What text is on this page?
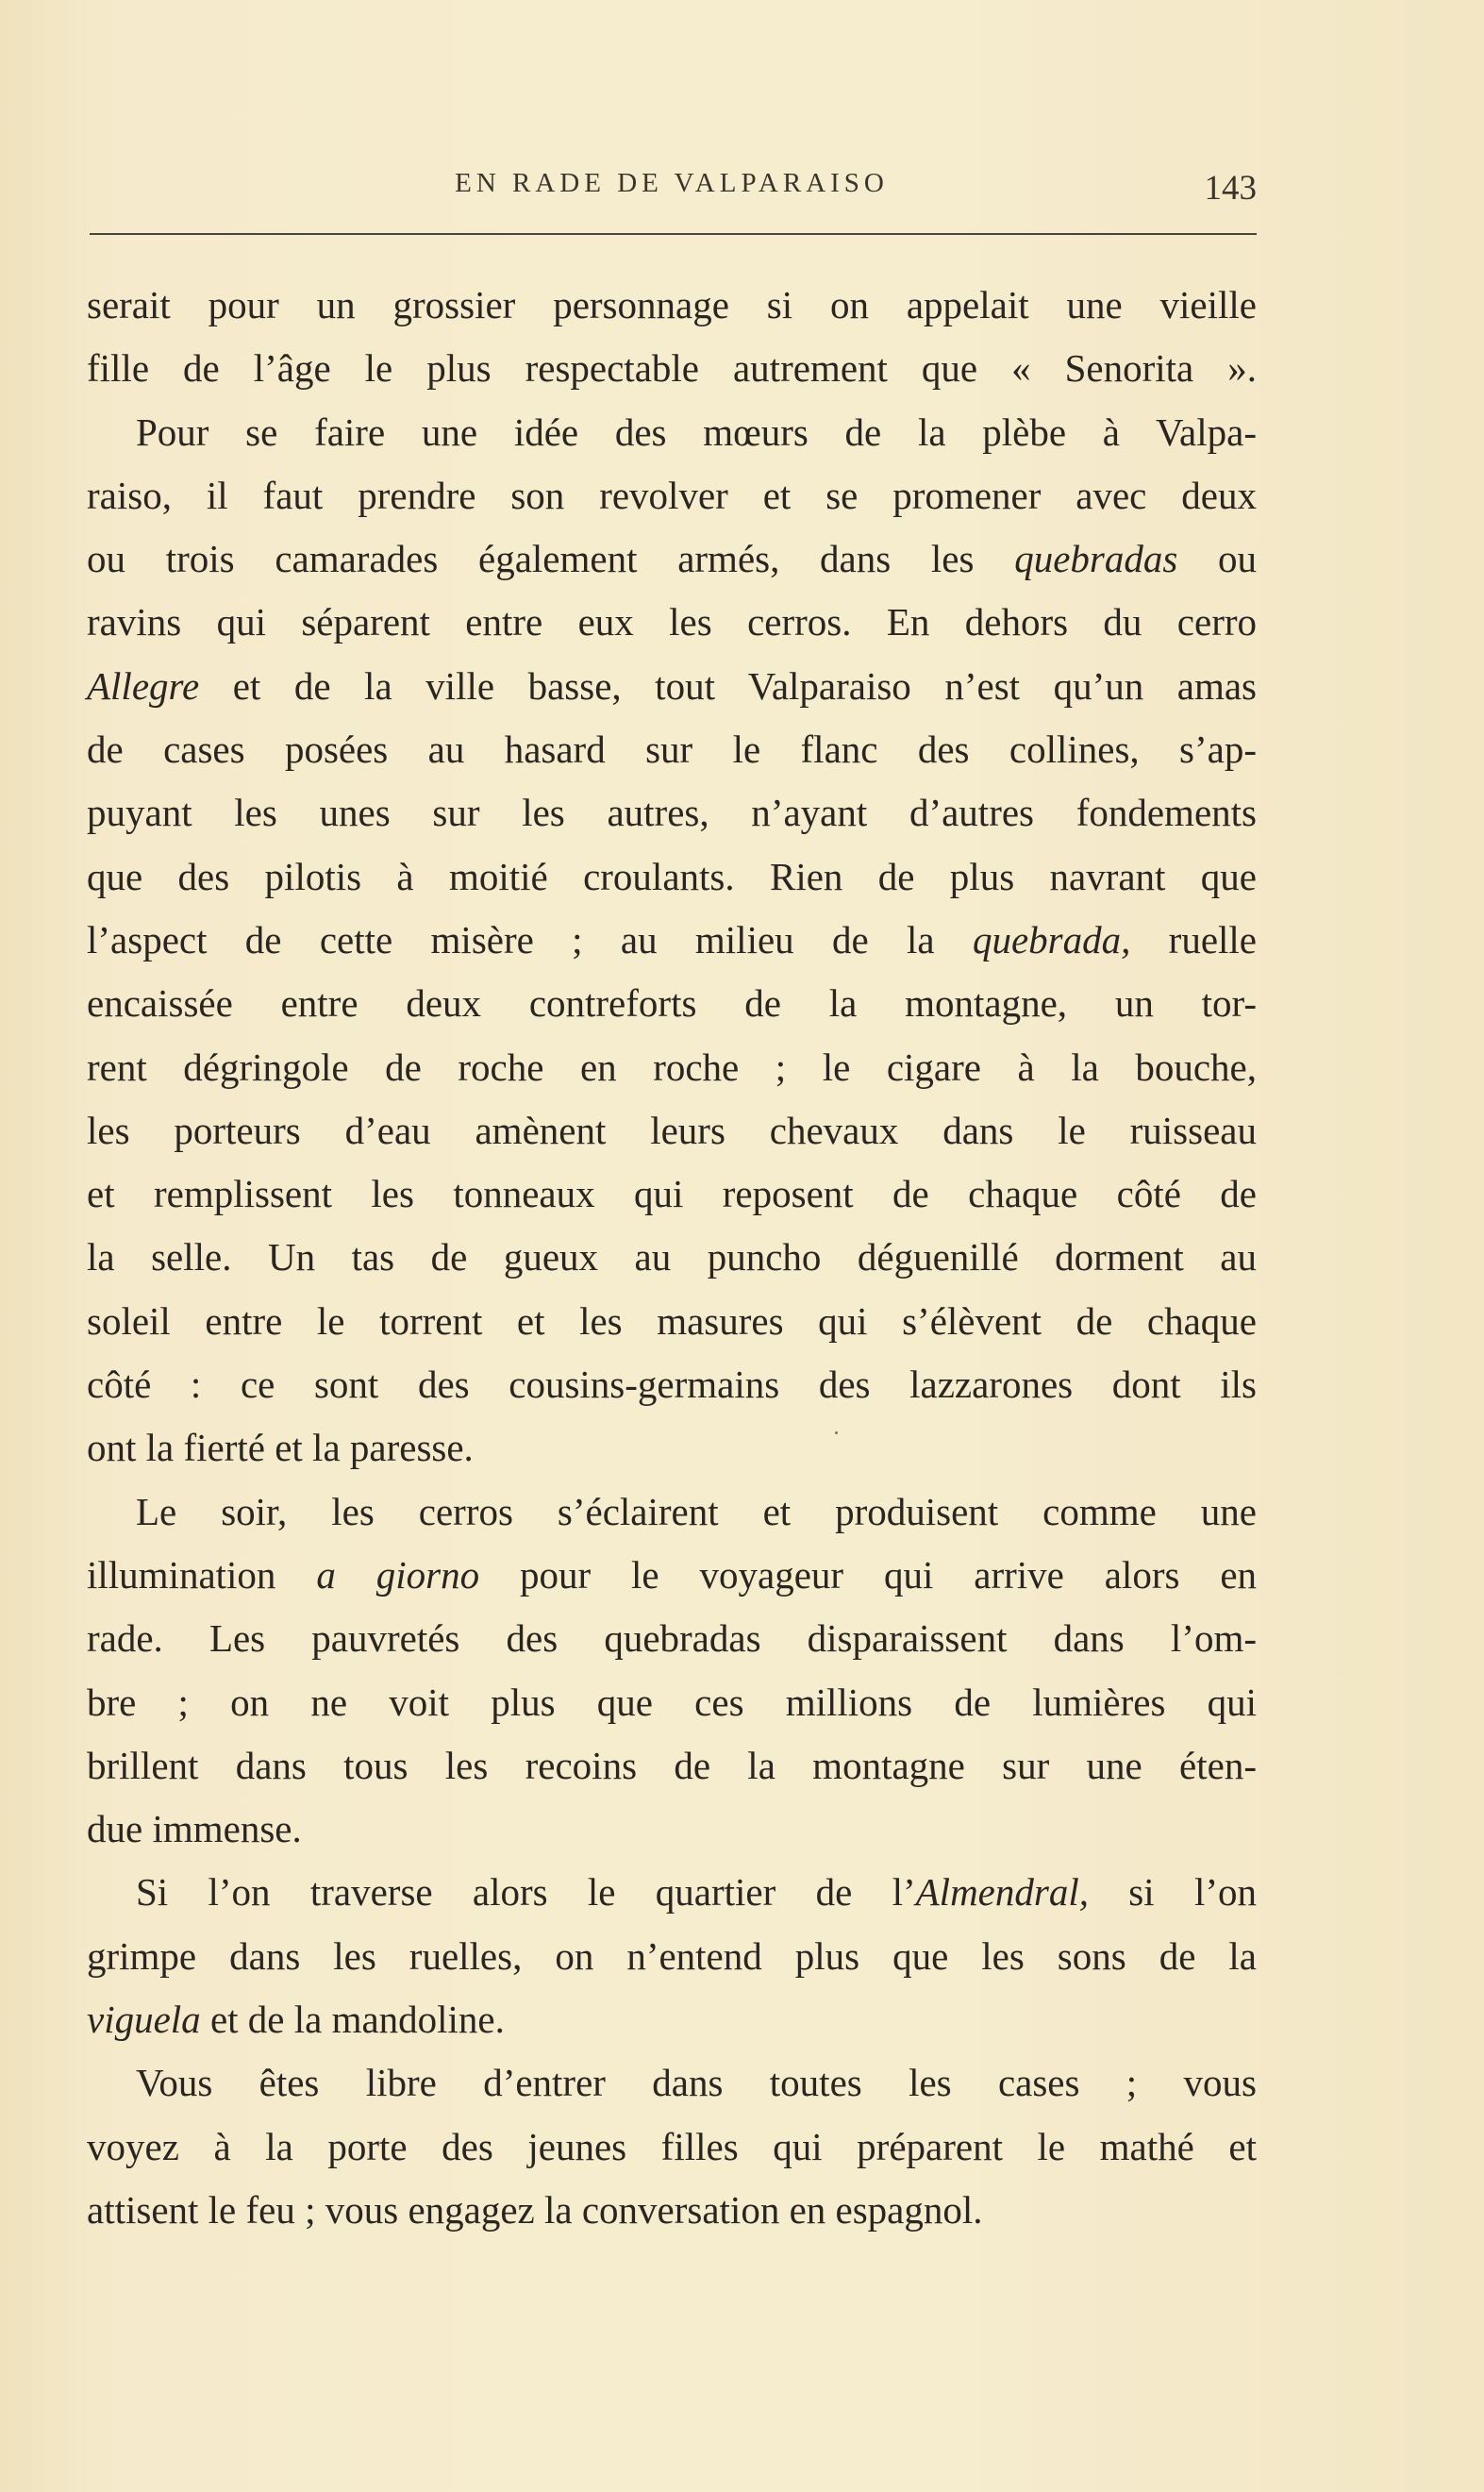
EN RADE DE VALPARAISO	143
serait pour un grossier personnage si on appelait une vieille
fille de l’âge le plus respectable autrement que « Senorita ».
Pour se faire une idée des mœurs de la plèbe à Valpa-
raiso, il faut prendre son revolver et se promener avec deux
ou trois camarades également armés, dans les quebradas ou
ravins qui séparent entre eux les cerros. En dehors du cerro
Allegre et de la ville basse, tout Valparaiso n’est qu’un amas
de cases posées au hasard sur le flanc des collines, s’ap-
puyant les unes sur les autres, n’ayant d’autres fondements
que des pilotis à moitié croulants. Rien de plus navrant que
l’aspect de cette misère ; au milieu de la quebrada, ruelle
encaissée entre deux contreforts de la montagne, un tor-
rent dégringole de roche en roche ; le cigare à la bouche,
les porteurs d’eau amènent leurs chevaux dans le ruisseau
et remplissent les tonneaux qui reposent de chaque côté de
la selle. Un tas de gueux au puncho déguenillé dorment au
soleil entre le torrent et les masures qui s’élèvent de chaque
côté : ce sont des cousins-germains des lazzarones dont ils
ont la fierté et la paresse.
Le soir, les cerros s’éclairent et produisent comme une
illumination a giorno pour le voyageur qui arrive alors en
rade. Les pauvretés des quebradas disparaissent dans l’om-
bre ; on ne voit plus que ces millions de lumières qui
brillent dans tous les recoins de la montagne sur une éten-
due immense.
Si l’on traverse alors le quartier de l’Almendral, si l’on
grimpe dans les ruelles, on n’entend plus que les sons de la
viguela et de la mandoline.
Vous êtes libre d’entrer dans toutes les cases ; vous
voyez à la porte des jeunes filles qui préparent le mathé et
attisent le feu ; vous engagez la conversation en espagnol.
